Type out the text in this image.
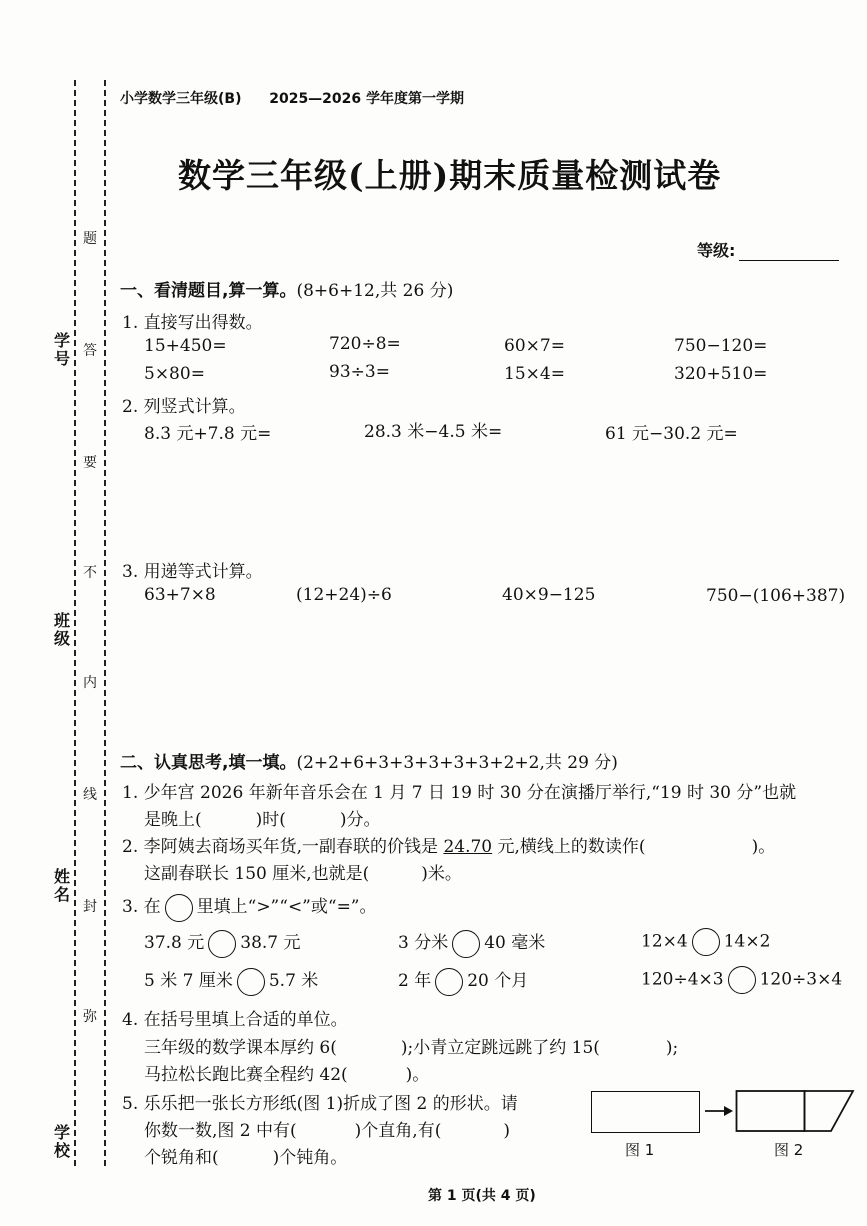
学号
班级
姓名
学校
题
答
要
不
内
线
封
弥
小学数学三年级(B) 2025—2026 学年度第一学期
数学三年级(上册)期末质量检测试卷
等级:
一、看清题目,算一算。(8+6+12,共 26 分)
1. 直接写出得数。
15+450=	720÷8=	60×7=	750−120=
5×80=	93÷3=	15×4=	320+510=
2. 列竖式计算。
8.3 元+7.8 元=	28.3 米−4.5 米=	61 元−30.2 元=
3. 用递等式计算。
63+7×8	(12+24)÷6	40×9−125	750−(106+387)
二、认真思考,填一填。(2+2+6+3+3+3+3+3+2+2,共 29 分)
1. 少年宫 2026 年新年音乐会在 1 月 7 日 19 时 30 分在演播厅举行,“19 时 30 分”也就
是晚上(	)时(	)分。
2. 李阿姨去商场买年货,一副春联的价钱是 24.70 元,横线上的数读作(	)。
这副春联长 150 厘米,也就是(	)米。
3. 在 里填上“>”“<”或“=”。
37.8 元 38.7 元	3 分米 40 毫米	12×4 14×2
5 米 7 厘米 5.7 米	2 年 20 个月	120÷4×3 120÷3×4
4. 在括号里填上合适的单位。
三年级的数学课本厚约 6(	);小青立定跳远跳了约 15(	);
马拉松长跑比赛全程约 42(	)。
5. 乐乐把一张长方形纸(图 1)折成了图 2 的形状。请
你数一数,图 2 中有(	)个直角,有(	)
个锐角和(	)个钝角。	图 1	图 2
第 1 页(共 4 页)
